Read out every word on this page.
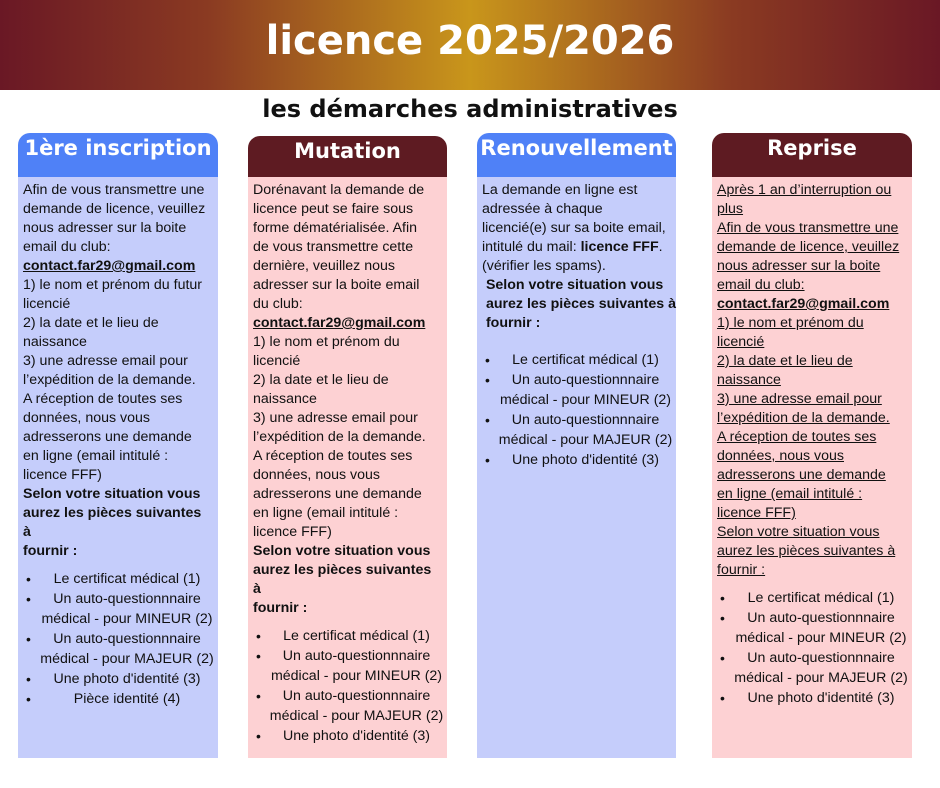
licence 2025/2026
les démarches administratives
1ère inscription

Afin de vous transmettre une

demande de licence, veuillez

nous adresser sur la boite

email du club:

contact.far29@gmail.com

1) le nom et prénom du futur

licencié

2) la date et le lieu de

naissance

3) une adresse email pour

l’expédition de la demande.

A réception de toutes ses

données, nous vous

adresserons une demande

en ligne (email intitulé :

licence FFF)

Selon votre situation vous

aurez les pièces suivantes à

fournir :

• Le certificat médical (1)
• Un auto-questionnnaire médical - pour MINEUR (2)
• Un auto-questionnnaire médical - pour MAJEUR (2)
• Une photo d'identité (3)
• Pièce identité (4)
Mutation

Dorénavant la demande de

licence peut se faire sous

forme dématérialisée. Afin

de vous transmettre cette

dernière, veuillez nous

adresser sur la boite email

du club:

contact.far29@gmail.com

1) le nom et prénom du

licencié

2) la date et le lieu de

naissance

3) une adresse email pour

l’expédition de la demande.

A réception de toutes ses

données, nous vous

adresserons une demande

en ligne (email intitulé :

licence FFF)

Selon votre situation vous

aurez les pièces suivantes à

fournir :

• Le certificat médical (1)
• Un auto-questionnnaire médical - pour MINEUR (2)
• Un auto-questionnnaire médical - pour MAJEUR (2)
• Une photo d'identité (3)
Renouvellement

La demande en ligne est

adressée à chaque

licencié(e) sur sa boite email,

intitulé du mail: licence FFF.

(vérifier les spams).

Selon votre situation vous

aurez les pièces suivantes à

fournir :

• Le certificat médical (1)
• Un auto-questionnnaire médical - pour MINEUR (2)
• Un auto-questionnnaire médical - pour MAJEUR (2)
• Une photo d'identité (3)
Reprise

Après 1 an d’interruption ou

plus

Afin de vous transmettre une

demande de licence, veuillez

nous adresser sur la boite

email du club:

contact.far29@gmail.com

1) le nom et prénom du

licencié

2) la date et le lieu de

naissance

3) une adresse email pour

l’expédition de la demande.

A réception de toutes ses

données, nous vous

adresserons une demande

en ligne (email intitulé :

licence FFF)

Selon votre situation vous

aurez les pièces suivantes à

fournir :

• Le certificat médical (1)
• Un auto-questionnnaire médical - pour MINEUR (2)
• Un auto-questionnnaire médical - pour MAJEUR (2)
• Une photo d'identité (3)
